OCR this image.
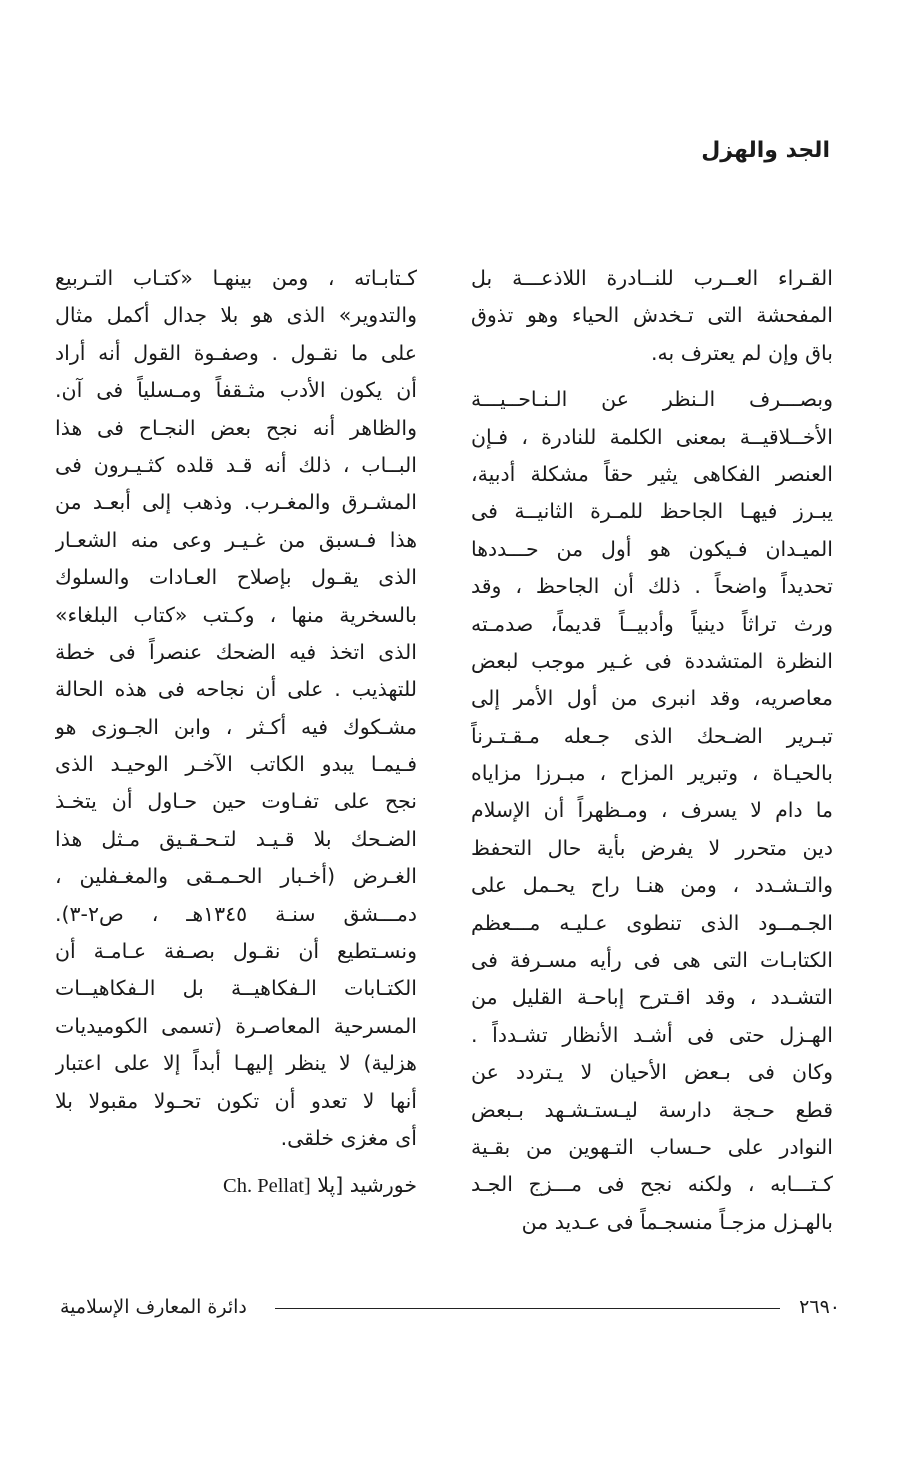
الجد والهزل
القـراء العــرب للنــادرة اللاذعـــة بل
المفحشة التى تـخدش الحياء وهو تذوق
باق وإن لم يعترف به.
وبصـــرف الـنظر عن الـنـاحــيـــة
الأخــلاقيــة بمعنى الكلمة للنادرة ، فـإن
العنصر الفكاهى يثير حقاً مشكلة أدبية،
يبـرز فيهـا الجاحظ للمـرة الثانيــة فى
الميـدان فـيكون هو أول من حـــددها
تحديداً واضحاً . ذلك أن الجاحظ ، وقد
ورث تراثاً دينياً وأدبيــاً قديماً، صدمـته
النظرة المتشددة فى غـير موجب لبعض
معاصريه، وقد انبرى من أول الأمر إلى
تبـرير الضـحك الذى جـعله مـقـتـرناً
بالحيـاة ، وتبرير المزاح ، مبـرزا مزاياه
ما دام لا يسرف ، ومـظهراً أن الإسلام
دين متحرر لا يفرض بأية حال التحفظ
والتـشـدد ، ومن هنـا راح يحـمل على
الجـمــود الذى تنطوى عـليـه مـــعظم
الكتابـات التى هى فى رأيه مسـرفة فى
التشـدد ، وقد اقـترح إباحـة القليل من
الهـزل حتى فى أشـد الأنظار تشـدداً .
وكان فى بـعض الأحيان لا يـتردد عن
قطع حـجة دارسة ليـستـشـهد بـبعض
النوادر على حـساب التـهوين من بقـية
كـتـــابه ، ولكنه نجح فى مـــزج الجـد
بالهـزل مزجـاً منسجـماً فى عـديد من
كـتابـاته ، ومن بينهـا «كتـاب التـربيع
والتدوير» الذى هو بلا جدال أكمل مثال
على ما نقـول . وصفـوة القول أنه أراد
أن يكون الأدب مثـقفاً ومـسلياً فى آن.
والظاهر أنه نجح بعض النجـاح فى هذا
البــاب ، ذلك أنه قـد قلده كثـيـرون فى
المشـرق والمغـرب. وذهب إلى أبعـد من
هذا فـسبق من غـيـر وعى منه الشعـار
الذى يقـول بإصلاح العـادات والسلوك
بالسخرية منها ، وكـتب «كتاب البلغاء»
الذى اتخذ فيه الضحك عنصراً فى خطة
للتهذيب . على أن نجاحه فى هذه الحالة
مشـكوك فيه أكـثر ، وابن الجـوزى هو
فـيمـا يبدو الكاتب الآخـر الوحيـد الذى
نجح على تفـاوت حين حـاول أن يتخـذ
الضـحك بلا قـيـد لتـحـقـيق مـثل هذا
الغـرض (أخـبار الحـمـقى والمغـفلين ،
دمـــشق سنـة ١٣٤٥هـ ، ص٢-٣).
ونسـتطيع أن نقـول بصـفة عـامـة أن
الكتـابات الـفكاهيــة بل الـفكاهيــات
المسرحية المعاصـرة (تسمى الكوميديات
هزلية) لا ينظر إليهـا أبداً إلا على اعتبار
أنها لا تعدو أن تكون تحـولا مقبولا بلا
أى مغزى خلقى.
خورشيد [پلا Ch. Pellat]
دائرة المعارف الإسلامية	٢٦٩٠
